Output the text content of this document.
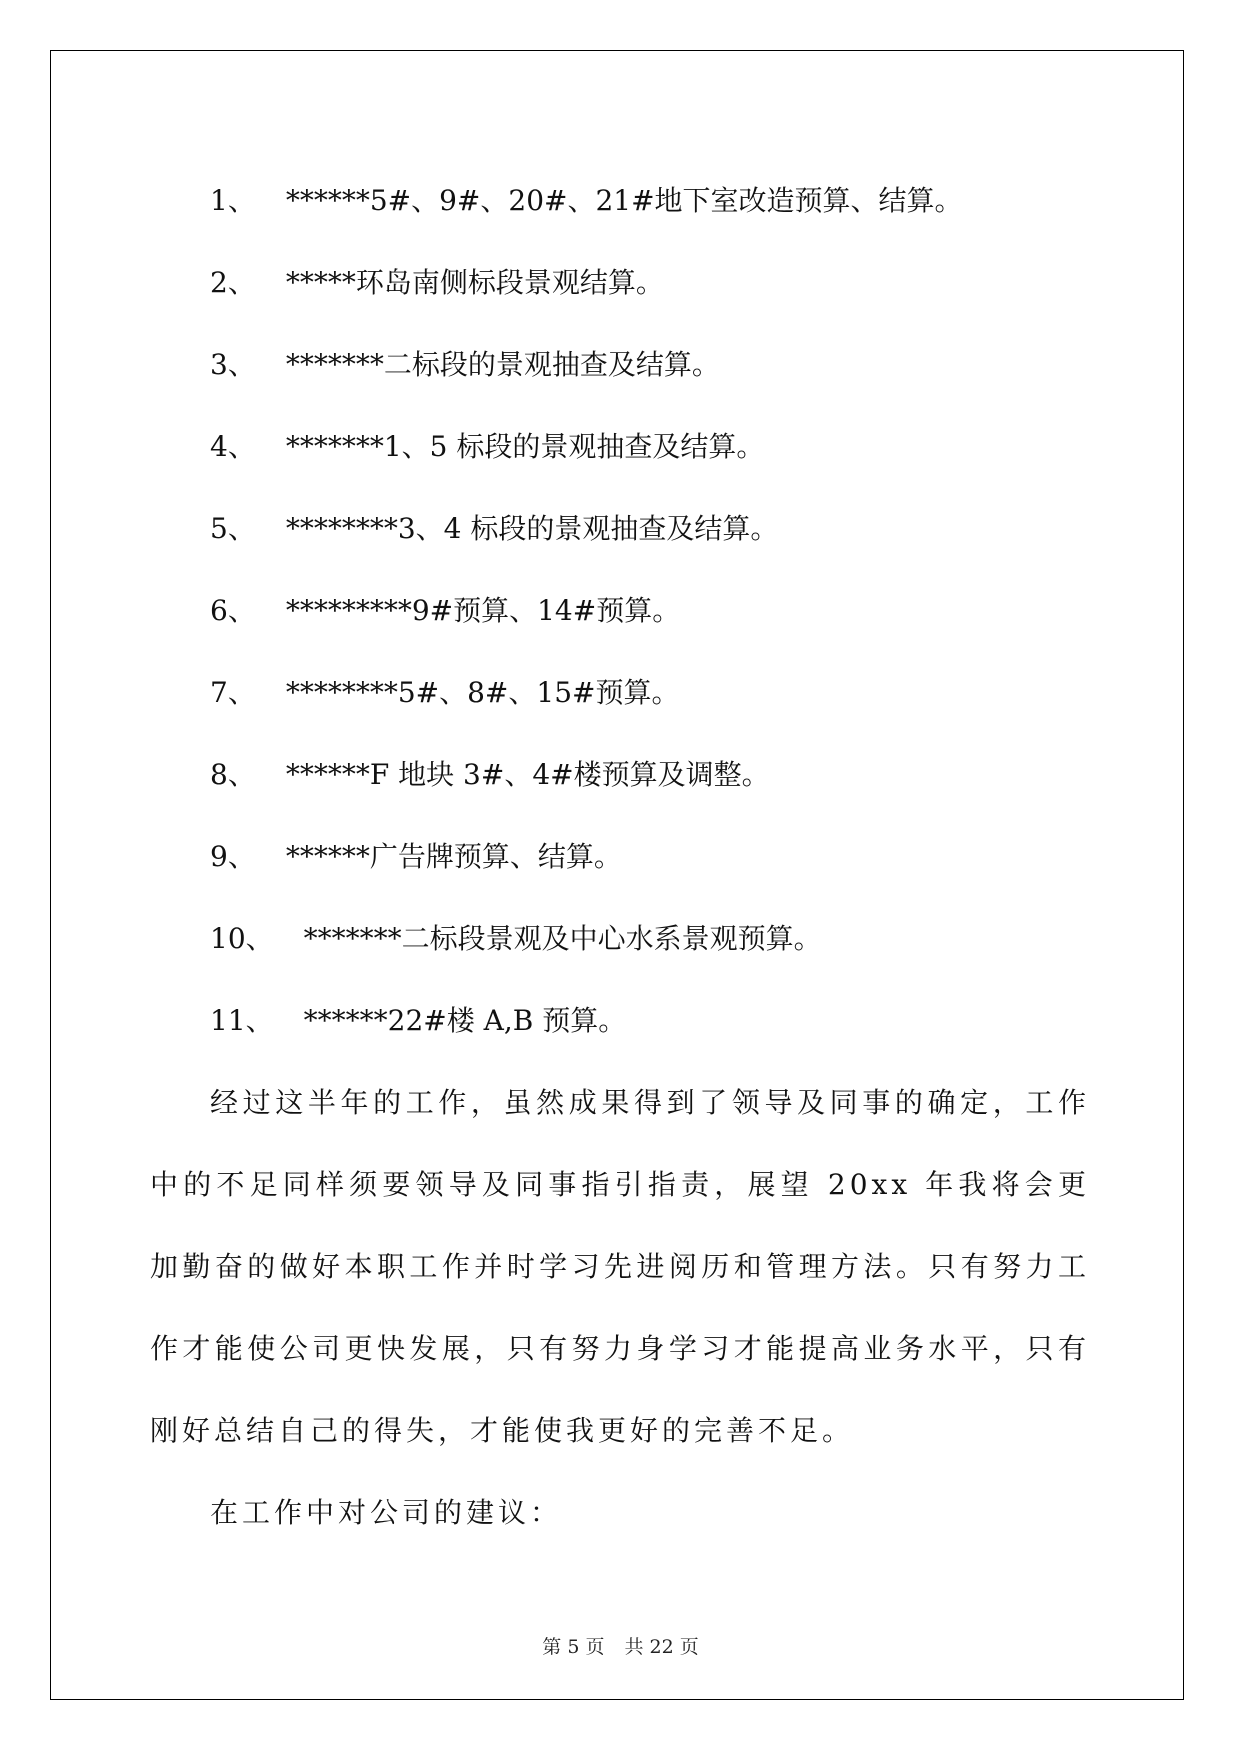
1、 ******5#、9#、20#、21#地下室改造预算、结算。
2、 *****环岛南侧标段景观结算。
3、 *******二标段的景观抽查及结算。
4、 *******1、5 标段的景观抽查及结算。
5、 ********3、4 标段的景观抽查及结算。
6、 *********9#预算、14#预算。
7、 ********5#、8#、15#预算。
8、 ******F 地块 3#、4#楼预算及调整。
9、 ******广告牌预算、结算。
10、 *******二标段景观及中心水系景观预算。
11、 ******22#楼 A,B 预算。

经过这半年的工作，虽然成果得到了领导及同事的确定，工作中的不足同样须要领导及同事指引指责，展望 20xx 年我将会更加勤奋的做好本职工作并时学习先进阅历和管理方法。只有努力工作才能使公司更快发展，只有努力身学习才能提高业务水平，只有刚好总结自己的得失，才能使我更好的完善不足。

在工作中对公司的建议：

第 5 页 共 22 页
